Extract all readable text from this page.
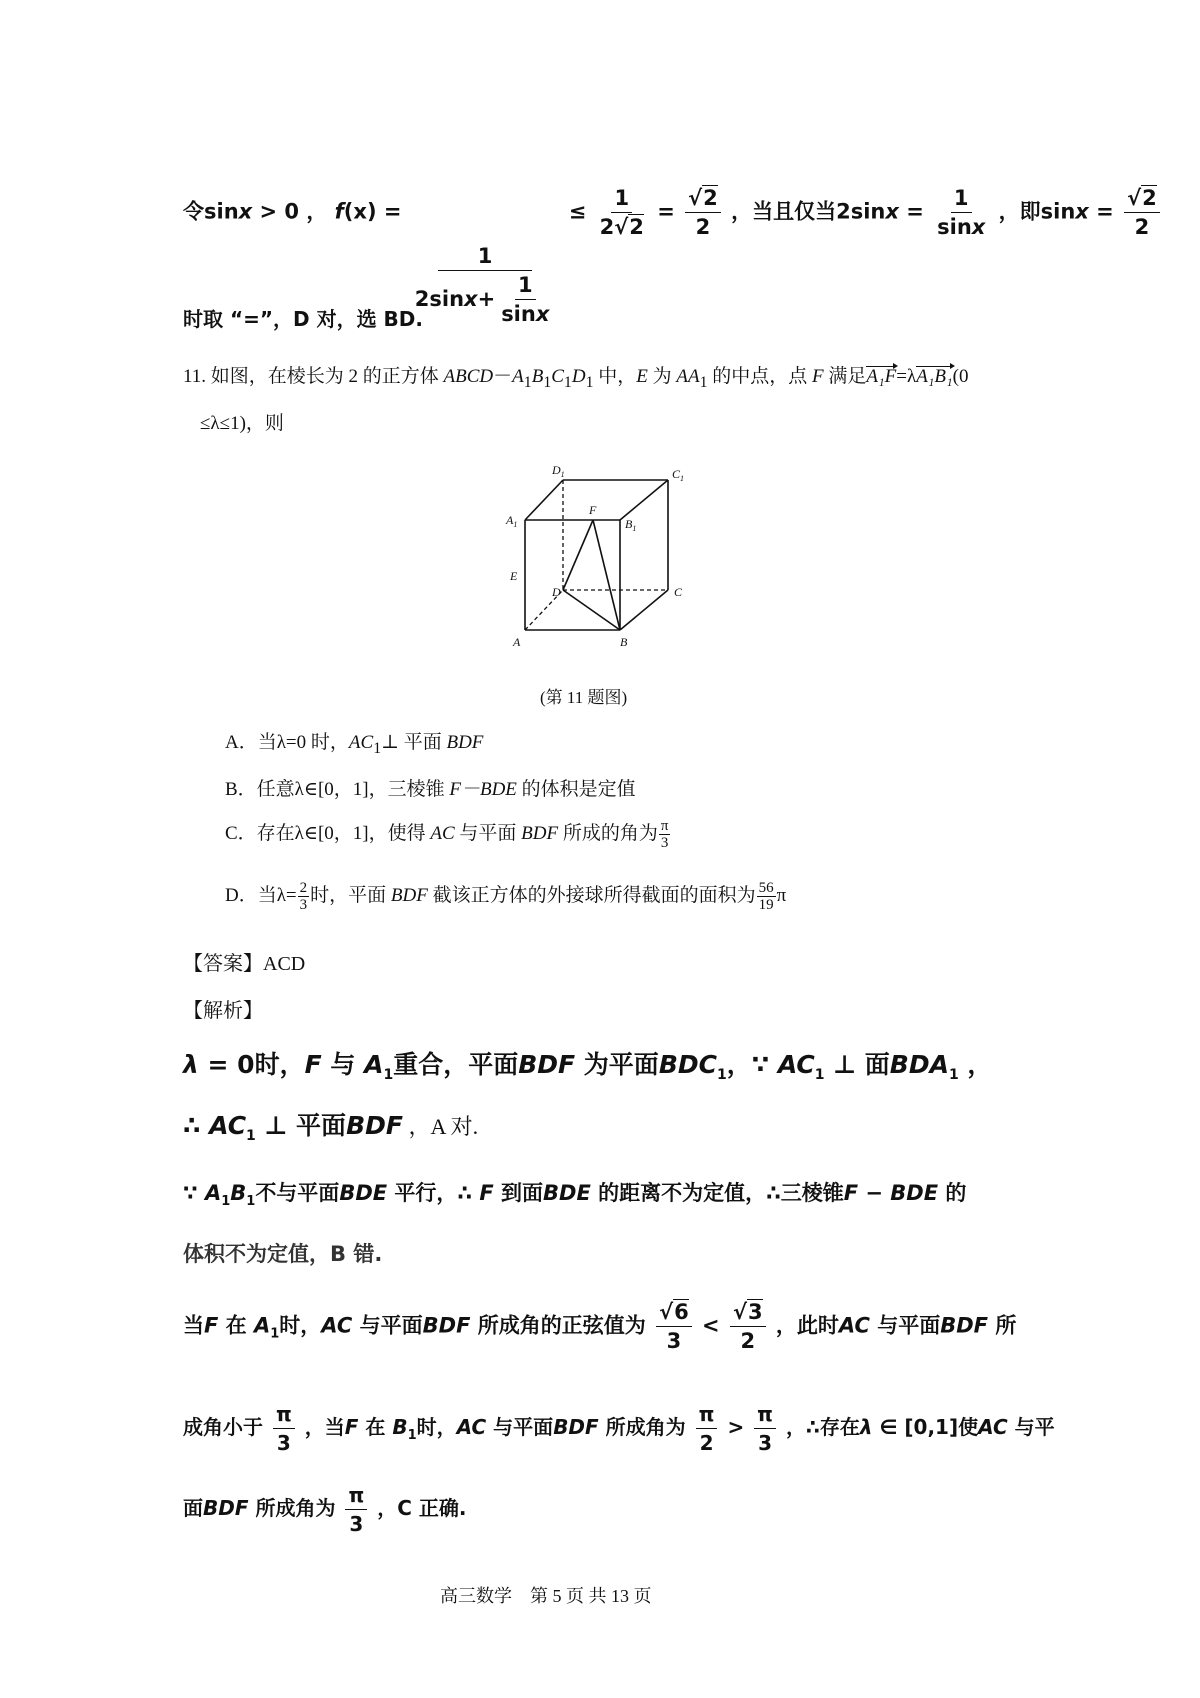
令sinx > 0 ， f(x) =
$\frac{1}{2\sin x + \frac{1}{\sin x}}$
≤ $\frac{1}{2√2} = \frac{√2}{2}$ ，当且仅当$2\sin x = \frac{1}{\sin x}$ ，即$\sin x = \frac{√2}{2}$
时取 “=”，D 对，选 BD.
11. 如图，在棱长为 2 的正方体 $ABCD-A_1B_1C_1D_1$ 中，E 为 $AA_1$ 的中点，点 F 满足A₁F=λA₁B₁(0
≤λ≤1)，则
$D_1$	$C_1$
$A_1$	$B_1$
F
E
D	C
A	B
(第 11 题图)
A．当λ=0 时，$AC_1\perp$ 平面 BDF
B．任意λ∈[0，1]，三棱锥 F－BDE 的体积是定值
C．存在λ∈[0，1]，使得 AC 与平面 BDF 所成的角为 $\frac{\pi}{3}$
D．当$\lambda= \frac{2}{3}$ 时，平面 BDF 截该正方体的外接球所得截面的面积为 $\frac{56}{19}$ π
【答案】ACD
【解析】
λ = 0时，F 与 $A_1$重合，平面BDF 为平面$BDC_1$，∵ $AC_1$ ⊥ 面$BDA_1$ ，
∴ $AC_1$ ⊥ 平面BDF ，A 对.
∵ $A_1B_1$不与平面BDE 平行，∴ F 到面BDE 的距离不为定值，∴三棱锥F − BDE 的
体积不为定值，B 错.
当F 在 $A_1$时，AC 与平面BDF 所成角的正弦值为 $\frac{√6}{3} < \frac{√3}{2}$ ，此时AC 与平面BDF 所
成角小于 $\frac{\pi}{3}$ ，当F 在 $B_1$时，AC 与平面BDF 所成角为 $\frac{\pi}{2} > \frac{\pi}{3}$ ，∴存在λ ∈ [0,1]使AC 与平
面BDF 所成角为 $\frac{\pi}{3}$ ，C 正确.
高三数学　第 5 页 共 13 页
